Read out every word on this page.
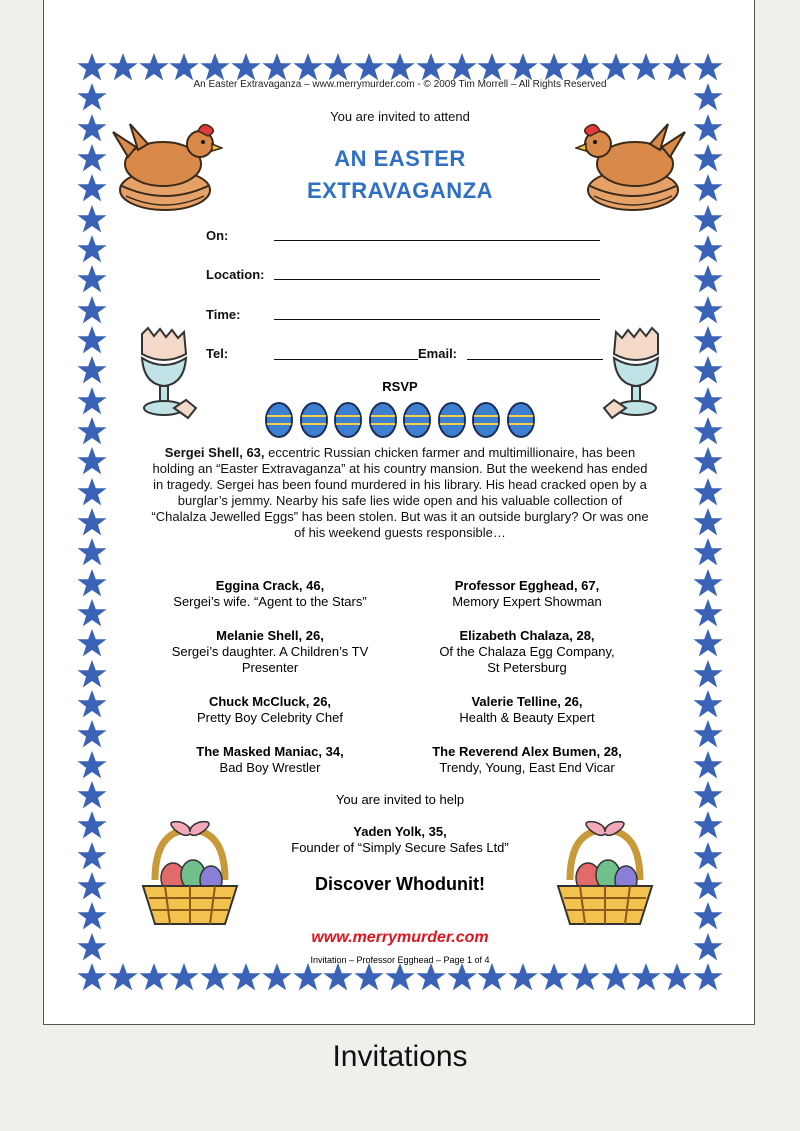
An Easter Extravaganza – www.merrymurder.com - © 2009 Tim Morrell – All Rights Reserved
You are invited to attend
AN EASTER
EXTRAVAGANZA
On:
Location:
Time:
Tel:	Email:
RSVP
Sergei Shell, 63, eccentric Russian chicken farmer and multimillionaire, has been holding an “Easter Extravaganza” at his country mansion. But the weekend has ended in tragedy. Sergei has been found murdered in his library. His head cracked open by a burglar’s jemmy. Nearby his safe lies wide open and his valuable collection of “Chalalza Jewelled Eggs” has been stolen. But was it an outside burglary? Or was one of his weekend guests responsible…
Eggina Crack, 46,
Sergei’s wife. “Agent to the Stars”
Professor Egghead, 67,
Memory Expert Showman
Melanie Shell, 26,
Sergei’s daughter. A Children’s TV Presenter
Elizabeth Chalaza, 28,
Of the Chalaza Egg Company, St Petersburg
Chuck McCluck, 26,
Pretty Boy Celebrity Chef
Valerie Telline, 26,
Health & Beauty Expert
The Masked Maniac, 34,
Bad Boy Wrestler
The Reverend Alex Bumen, 28,
Trendy, Young, East End Vicar
You are invited to help
Yaden Yolk, 35,
Founder of “Simply Secure Safes Ltd”
Discover Whodunit!
www.merrymurder.com
Invitation – Professor Egghead – Page 1 of 4
Invitations
